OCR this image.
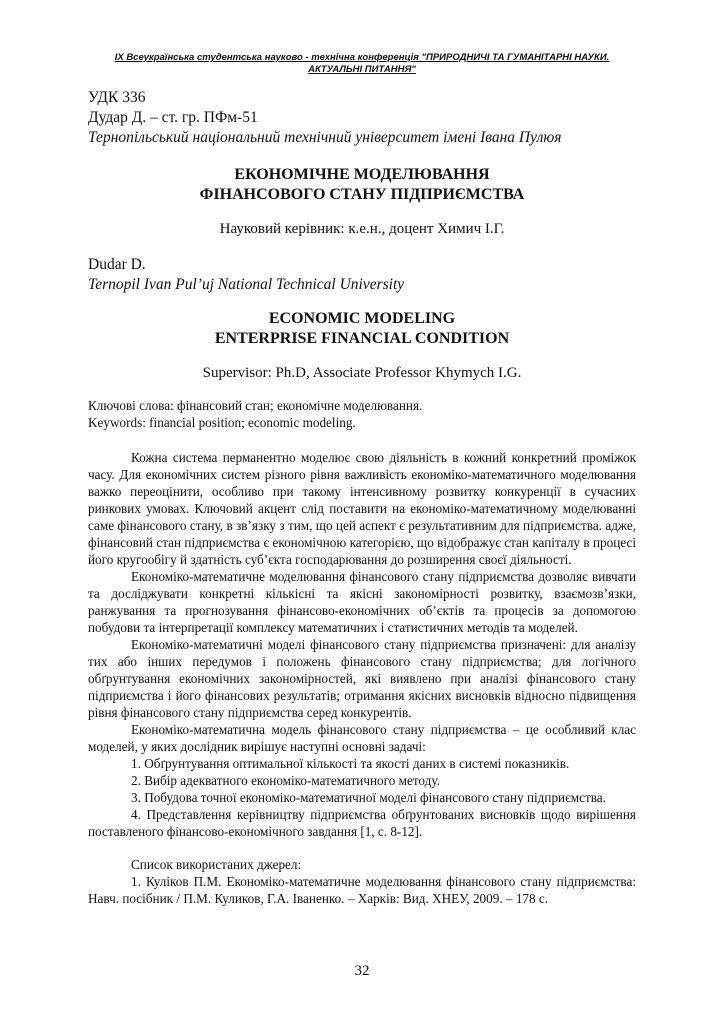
IX Всеукраїнська студентська науково - технічна конференція "ПРИРОДНИЧІ ТА ГУМАНІТАРНІ НАУКИ.
АКТУАЛЬНІ ПИТАННЯ"

УДК 336

Дудар Д. – ст. гр. ПФм-51

Тернопільський національний технічний університет імені Івана Пулюя

ЕКОНОМІЧНЕ МОДЕЛЮВАННЯ
ФІНАНСОВОГО СТАНУ ПІДПРИЄМСТВА

Науковий керівник: к.е.н., доцент Химич І.Г.

Dudar D.

Ternopil Ivan Pul’uj National Technical University

ECONOMIC MODELING
ENTERPRISE FINANCIAL CONDITION

Supervisor: Ph.D, Associate Professor Khymych I.G.

Ключові слова: фінансовий стан; економічне моделювання.

Keywords: financial position; economic modeling.

Кожна система перманентно моделює свою діяльність в кожний конкретний проміжок часу. Для економічних систем різного рівня важливість економіко-математичного моделювання важко переоцінити, особливо при такому інтенсивному розвитку конкуренції в сучасних ринкових умовах. Ключовий акцент слід поставити на економіко-математичному моделюванні саме фінансового стану, в зв’язку з тим, що цей аспект є результативним для підприємства. адже, фінансовий стан підприємства є економічною категорією, що відображує стан капіталу в процесі його кругообігу й здатність суб’єкта господарювання до розширення своєї діяльності.

Економіко-математичне моделювання фінансового стану підприємства дозволяє вивчати та досліджувати конкретні кількісні та якісні закономірності розвитку, взаємозв’язки, ранжування та прогнозування фінансово-економічних об’єктів та процесів за допомогою побудови та інтерпретації комплексу математичних і статистичних методів та моделей.

Економіко-математичні моделі фінансового стану підприємства призначені: для аналізу тих або інших передумов і положень фінансового стану підприємства; для логічного обґрунтування економічних закономірностей, які виявлено при аналізі фінансового стану підприємства і його фінансових результатів; отримання якісних висновків відносно підвищення рівня фінансового стану підприємства серед конкурентів.

Економіко-математична модель фінансового стану підприємства – це особливий клас моделей, у яких дослідник вирішує наступні основні задачі:

1. Обґрунтування оптимальної кількості та якості даних в системі показників.

2. Вибір адекватного економіко-математичного методу.

3. Побудова точної економіко-математичної моделі фінансового стану підприємства.

4. Представлення керівництву підприємства обґрунтованих висновків щодо вирішення поставленого фінансово-економічного завдання [1, с. 8-12].

Список використаних джерел:

1. Куліков П.М. Економіко-математичне моделювання фінансового стану підприємства: Навч. посібник / П.М. Куликов, Г.А. Іваненко. – Харків: Вид. ХНЕУ, 2009. – 178 с.

32
